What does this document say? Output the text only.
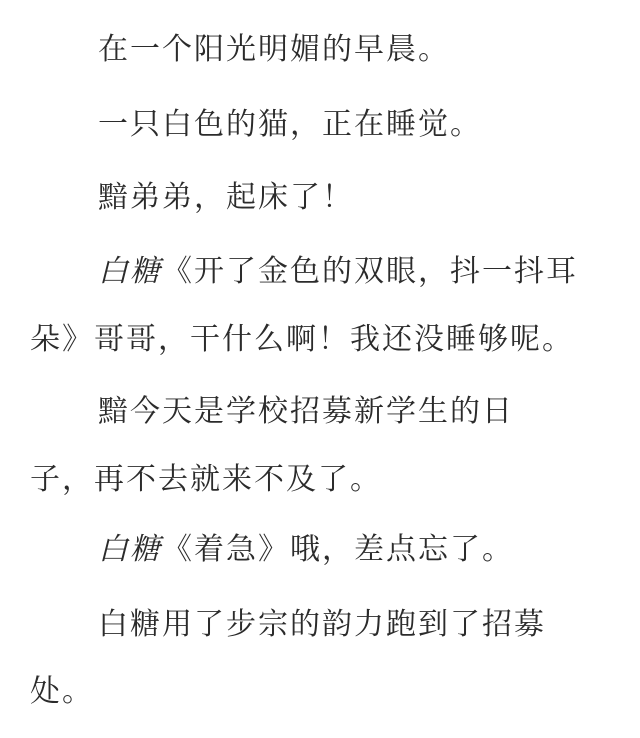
在一个阳光明媚的早晨。
一只白色的猫，正在睡觉。
黯弟弟，起床了！
白糖《开了金色的双眼，抖一抖耳
朵》哥哥，干什么啊！我还没睡够呢。
黯今天是学校招募新学生的日
子，再不去就来不及了。
白糖《着急》哦，差点忘了。
白糖用了步宗的韵力跑到了招募
处。
